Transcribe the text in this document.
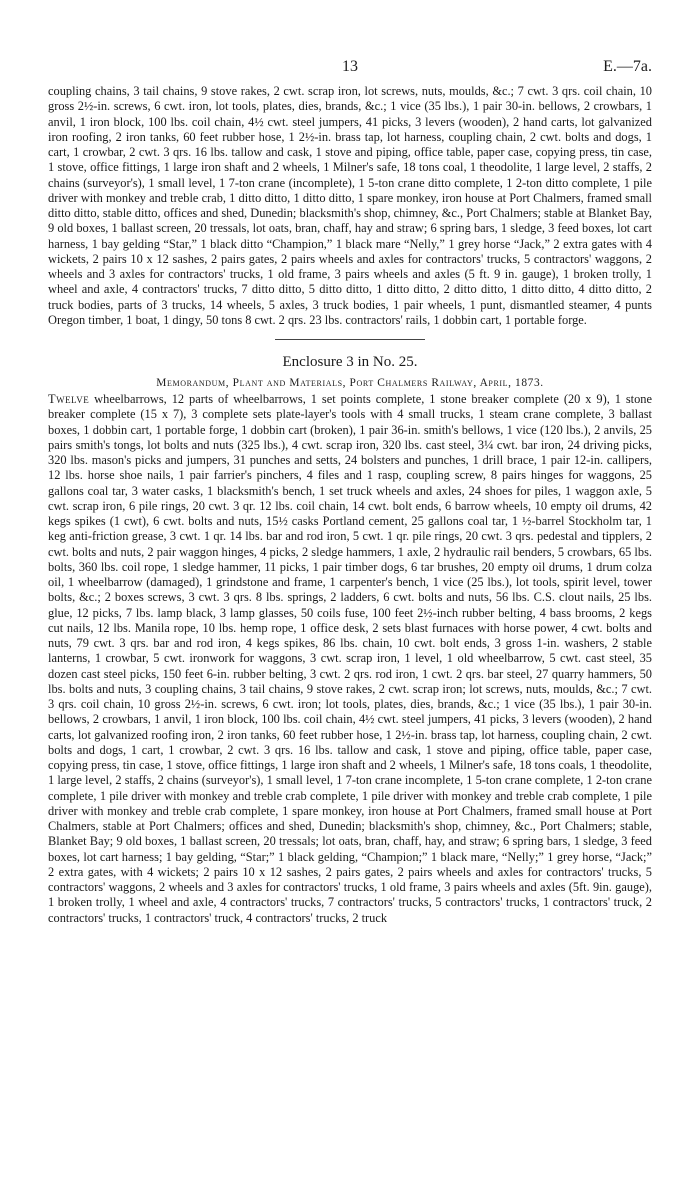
13	E.—7a.

coupling chains, 3 tail chains, 9 stove rakes, 2 cwt. scrap iron, lot screws, nuts, moulds, &c.; 7 cwt. 3 qrs. coil chain, 10 gross 2½-in. screws, 6 cwt. iron, lot tools, plates, dies, brands, &c.; 1 vice (35 lbs.), 1 pair 30-in. bellows, 2 crowbars, 1 anvil, 1 iron block, 100 lbs. coil chain, 4½ cwt. steel jumpers, 41 picks, 3 levers (wooden), 2 hand carts, lot galvanized iron roofing, 2 iron tanks, 60 feet rubber hose, 1 2½-in. brass tap, lot harness, coupling chain, 2 cwt. bolts and dogs, 1 cart, 1 crowbar, 2 cwt. 3 qrs. 16 lbs. tallow and cask, 1 stove and piping, office table, paper case, copying press, tin case, 1 stove, office fittings, 1 large iron shaft and 2 wheels, 1 Milner's safe, 18 tons coal, 1 theodolite, 1 large level, 2 staffs, 2 chains (surveyor's), 1 small level, 1 7-ton crane (incomplete), 1 5-ton crane ditto complete, 1 2-ton ditto complete, 1 pile driver with monkey and treble crab, 1 ditto ditto, 1 ditto ditto, 1 spare monkey, iron house at Port Chalmers, framed small ditto ditto, stable ditto, offices and shed, Dunedin; blacksmith's shop, chimney, &c., Port Chalmers; stable at Blanket Bay, 9 old boxes, 1 ballast screen, 20 tressals, lot oats, bran, chaff, hay and straw; 6 spring bars, 1 sledge, 3 feed boxes, lot cart harness, 1 bay gelding “Star,” 1 black ditto “Champion,” 1 black mare “Nelly,” 1 grey horse “Jack,” 2 extra gates with 4 wickets, 2 pairs 10 x 12 sashes, 2 pairs gates, 2 pairs wheels and axles for contractors' trucks, 5 contractors' waggons, 2 wheels and 3 axles for contractors' trucks, 1 old frame, 3 pairs wheels and axles (5 ft. 9 in. gauge), 1 broken trolly, 1 wheel and axle, 4 contractors' trucks, 7 ditto ditto, 5 ditto ditto, 1 ditto ditto, 2 ditto ditto, 1 ditto ditto, 4 ditto ditto, 2 truck bodies, parts of 3 trucks, 14 wheels, 5 axles, 3 truck bodies, 1 pair wheels, 1 punt, dismantled steamer, 4 punts Oregon timber, 1 boat, 1 dingy, 50 tons 8 cwt. 2 qrs. 23 lbs. contractors' rails, 1 dobbin cart, 1 portable forge.

Enclosure 3 in No. 25.

Memorandum, Plant and Materials, Port Chalmers Railway, April, 1873.

Twelve wheelbarrows, 12 parts of wheelbarrows, 1 set points complete, 1 stone breaker complete (20 x 9), 1 stone breaker complete (15 x 7), 3 complete sets plate-layer's tools with 4 small trucks, 1 steam crane complete, 3 ballast boxes, 1 dobbin cart, 1 portable forge, 1 dobbin cart (broken), 1 pair 36-in. smith's bellows, 1 vice (120 lbs.), 2 anvils, 25 pairs smith's tongs, lot bolts and nuts (325 lbs.), 4 cwt. scrap iron, 320 lbs. cast steel, 3¼ cwt. bar iron, 24 driving picks, 320 lbs. mason's picks and jumpers, 31 punches and setts, 24 bolsters and punches, 1 drill brace, 1 pair 12-in. callipers, 12 lbs. horse shoe nails, 1 pair farrier's pinchers, 4 files and 1 rasp, coupling screw, 8 pairs hinges for waggons, 25 gallons coal tar, 3 water casks, 1 blacksmith's bench, 1 set truck wheels and axles, 24 shoes for piles, 1 waggon axle, 5 cwt. scrap iron, 6 pile rings, 20 cwt. 3 qr. 12 lbs. coil chain, 14 cwt. bolt ends, 6 barrow wheels, 10 empty oil drums, 42 kegs spikes (1 cwt), 6 cwt. bolts and nuts, 15½ casks Portland cement, 25 gallons coal tar, 1 ½-barrel Stockholm tar, 1 keg anti-friction grease, 3 cwt. 1 qr. 14 lbs. bar and rod iron, 5 cwt. 1 qr. pile rings, 20 cwt. 3 qrs. pedestal and tipplers, 2 cwt. bolts and nuts, 2 pair waggon hinges, 4 picks, 2 sledge hammers, 1 axle, 2 hydraulic rail benders, 5 crowbars, 65 lbs. bolts, 360 lbs. coil rope, 1 sledge hammer, 11 picks, 1 pair timber dogs, 6 tar brushes, 20 empty oil drums, 1 drum colza oil, 1 wheelbarrow (damaged), 1 grindstone and frame, 1 carpenter's bench, 1 vice (25 lbs.), lot tools, spirit level, tower bolts, &c.; 2 boxes screws, 3 cwt. 3 qrs. 8 lbs. springs, 2 ladders, 6 cwt. bolts and nuts, 56 lbs. C.S. clout nails, 25 lbs. glue, 12 picks, 7 lbs. lamp black, 3 lamp glasses, 50 coils fuse, 100 feet 2½-inch rubber belting, 4 bass brooms, 2 kegs cut nails, 12 lbs. Manila rope, 10 lbs. hemp rope, 1 office desk, 2 sets blast furnaces with horse power, 4 cwt. bolts and nuts, 79 cwt. 3 qrs. bar and rod iron, 4 kegs spikes, 86 lbs. chain, 10 cwt. bolt ends, 3 gross 1-in. washers, 2 stable lanterns, 1 crowbar, 5 cwt. ironwork for waggons, 3 cwt. scrap iron, 1 level, 1 old wheelbarrow, 5 cwt. cast steel, 35 dozen cast steel picks, 150 feet 6-in. rubber belting, 3 cwt. 2 qrs. rod iron, 1 cwt. 2 qrs. bar steel, 27 quarry hammers, 50 lbs. bolts and nuts, 3 coupling chains, 3 tail chains, 9 stove rakes, 2 cwt. scrap iron; lot screws, nuts, moulds, &c.; 7 cwt. 3 qrs. coil chain, 10 gross 2½-in. screws, 6 cwt. iron; lot tools, plates, dies, brands, &c.; 1 vice (35 lbs.), 1 pair 30-in. bellows, 2 crowbars, 1 anvil, 1 iron block, 100 lbs. coil chain, 4½ cwt. steel jumpers, 41 picks, 3 levers (wooden), 2 hand carts, lot galvanized roofing iron, 2 iron tanks, 60 feet rubber hose, 1 2½-in. brass tap, lot harness, coupling chain, 2 cwt. bolts and dogs, 1 cart, 1 crowbar, 2 cwt. 3 qrs. 16 lbs. tallow and cask, 1 stove and piping, office table, paper case, copying press, tin case, 1 stove, office fittings, 1 large iron shaft and 2 wheels, 1 Milner's safe, 18 tons coals, 1 theodolite, 1 large level, 2 staffs, 2 chains (surveyor's), 1 small level, 1 7-ton crane incomplete, 1 5-ton crane complete, 1 2-ton crane complete, 1 pile driver with monkey and treble crab complete, 1 pile driver with monkey and treble crab complete, 1 pile driver with monkey and treble crab complete, 1 spare monkey, iron house at Port Chalmers, framed small house at Port Chalmers, stable at Port Chalmers; offices and shed, Dunedin; blacksmith's shop, chimney, &c., Port Chalmers; stable, Blanket Bay; 9 old boxes, 1 ballast screen, 20 tressals; lot oats, bran, chaff, hay, and straw; 6 spring bars, 1 sledge, 3 feed boxes, lot cart harness; 1 bay gelding, “Star;” 1 black gelding, “Champion;” 1 black mare, “Nelly;” 1 grey horse, “Jack;” 2 extra gates, with 4 wickets; 2 pairs 10 x 12 sashes, 2 pairs gates, 2 pairs wheels and axles for contractors' trucks, 5 contractors' waggons, 2 wheels and 3 axles for contractors' trucks, 1 old frame, 3 pairs wheels and axles (5ft. 9in. gauge), 1 broken trolly, 1 wheel and axle, 4 contractors' trucks, 7 contractors' trucks, 5 contractors' trucks, 1 contractors' truck, 2 contractors' trucks, 1 contractors' truck, 4 contractors' trucks, 2 truck
